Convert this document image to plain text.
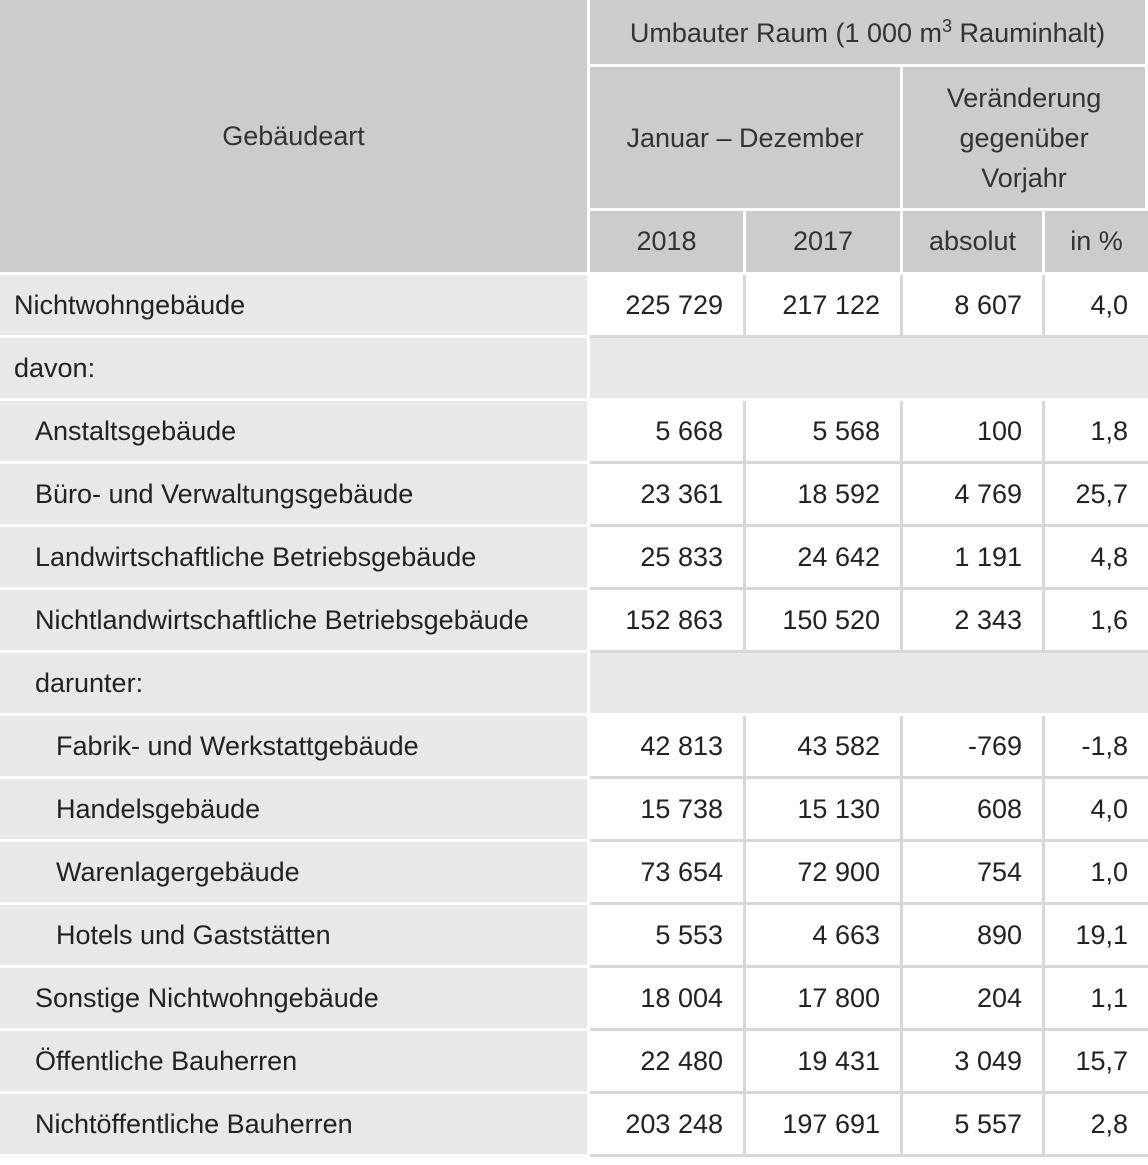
Gebäudeart	Umbauter Raum (1 000 $m^3$ Rauminhalt)			
	Januar – Dezember		Veränderung
gegenüber
Vorjahr	
	2018	2017	absolut	in %
Nichtwohngebäude	225 729	217 122	8 607	4,0
davon:				
Anstaltsgebäude	5 668	5 568	100	1,8
Büro- und Verwaltungsgebäude	23 361	18 592	4 769	25,7
Landwirtschaftliche Betriebsgebäude	25 833	24 642	1 191	4,8
Nichtlandwirtschaftliche Betriebsgebäude	152 863	150 520	2 343	1,6
darunter:				
Fabrik- und Werkstattgebäude	42 813	43 582	-769	-1,8
Handelsgebäude	15 738	15 130	608	4,0
Warenlagergebäude	73 654	72 900	754	1,0
Hotels und Gaststätten	5 553	4 663	890	19,1
Sonstige Nichtwohngebäude	18 004	17 800	204	1,1
Öffentliche Bauherren	22 480	19 431	3 049	15,7
Nichtöffentliche Bauherren	203 248	197 691	5 557	2,8
